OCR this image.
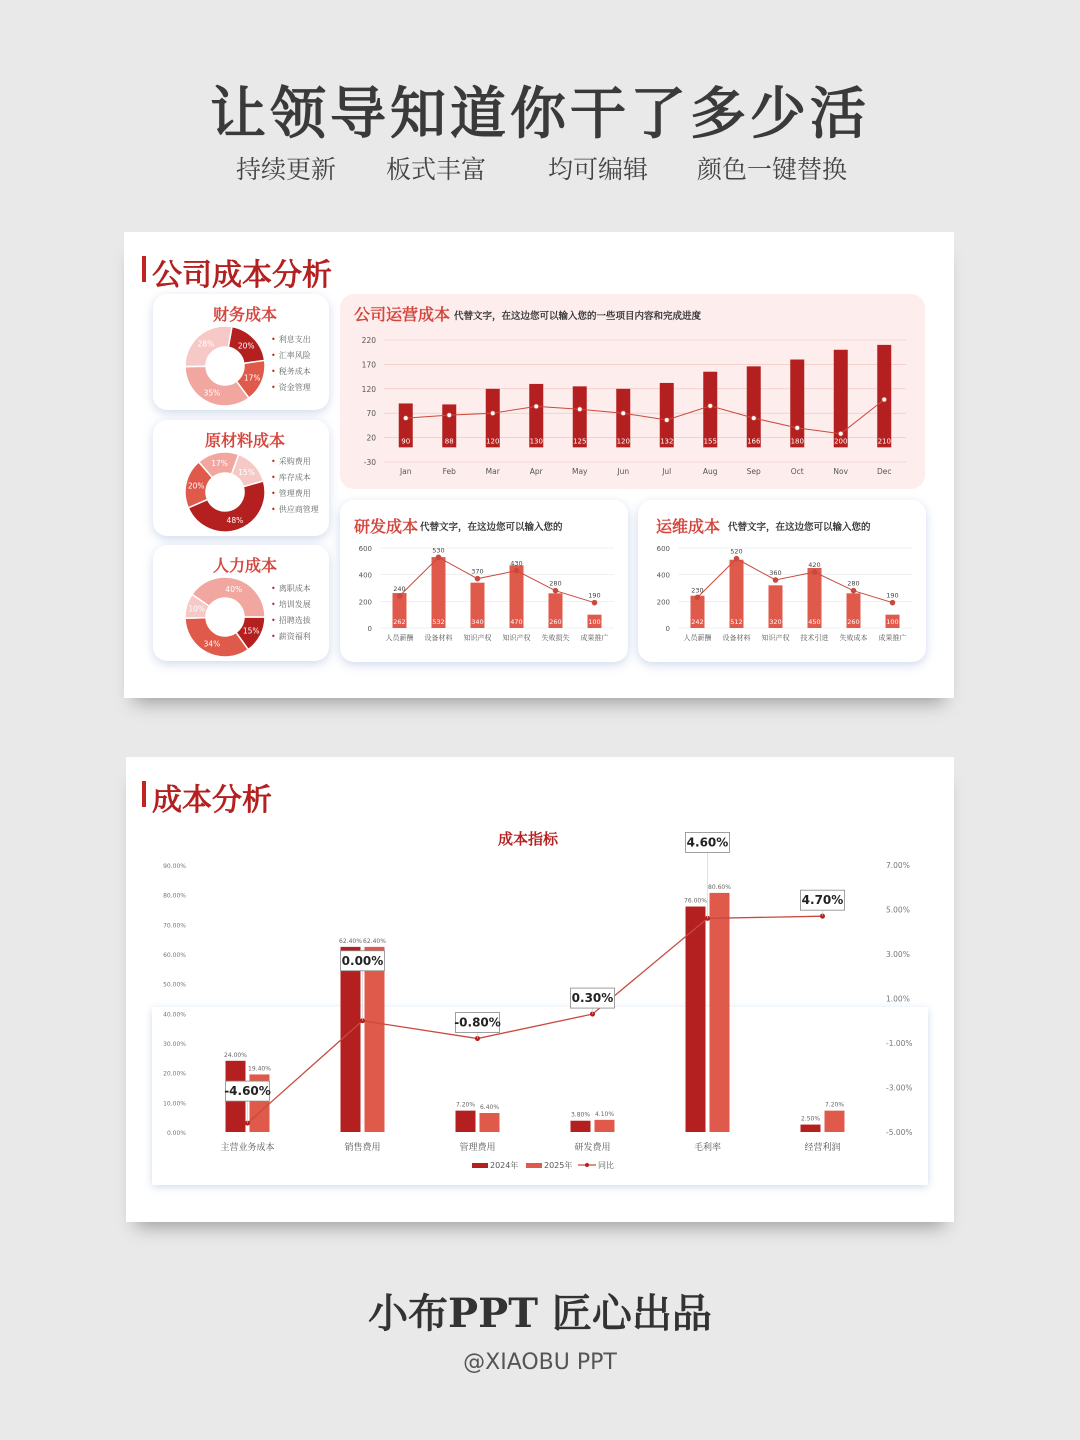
让领导知道你干了多少活
持续更新 板式丰富 均可编辑 颜色一键替换
公司成本分析
财务成本
20%
17%
35%
28%
• 利息支出
• 汇率风险
• 税务成本
• 资金管理
原材料成本
15%
48%
20%
17%	• 采购费用
• 库存成本
• 管理费用
• 供应商管理
人力成本
15%
34%
10%
40%	• 离职成本
• 培训发展
• 招聘选拔
• 薪资福利
公司运营成本 代替文字，在这边您可以输入您的一些项目内容和完成进度
220
170
120
70
20
-30
90
Jan
88
Feb
120
Mar
130
Apr
125
May
120
Jun
132
Jul
155
Aug
166
Sep
180
Oct
200
Nov
210
Dec
研发成本 代替文字，在这边您可以输入您的
600
400
200
0
262
人员薪酬
532
设备材料
340
知识产权
470
知识产权
260
失败损失
100
成果推广
240
530
370
430
280
190
运维成本 代替文字，在这边您可以输入您的
600
400
200
0
242
人员薪酬
512
设备材料
320
知识产权
450
技术引进
260
失败成本
100
成果推广
230
520
360
420
280
190
成本分析
成本指标
90.00%
80.00%
70.00%
60.00%
50.00%
40.00%
30.00%
20.00%
10.00%
0.00%
7.00%
5.00%
3.00%
1.00%
-1.00%
-3.00%
-5.00%
24.00%
19.40%
主营业务成本
62.40% 62.40%
销售费用
7.20% 6.40%
管理费用
3.80% 4.10%
研发费用
76.00%
80.60%
毛利率
2.50%
7.20%
经营利润
-4.60%
0.00%
-0.80%
0.30%
4.60%
4.70%
2024年	2025年	同比
小布PPT 匠心出品
@XIAOBU PPT
